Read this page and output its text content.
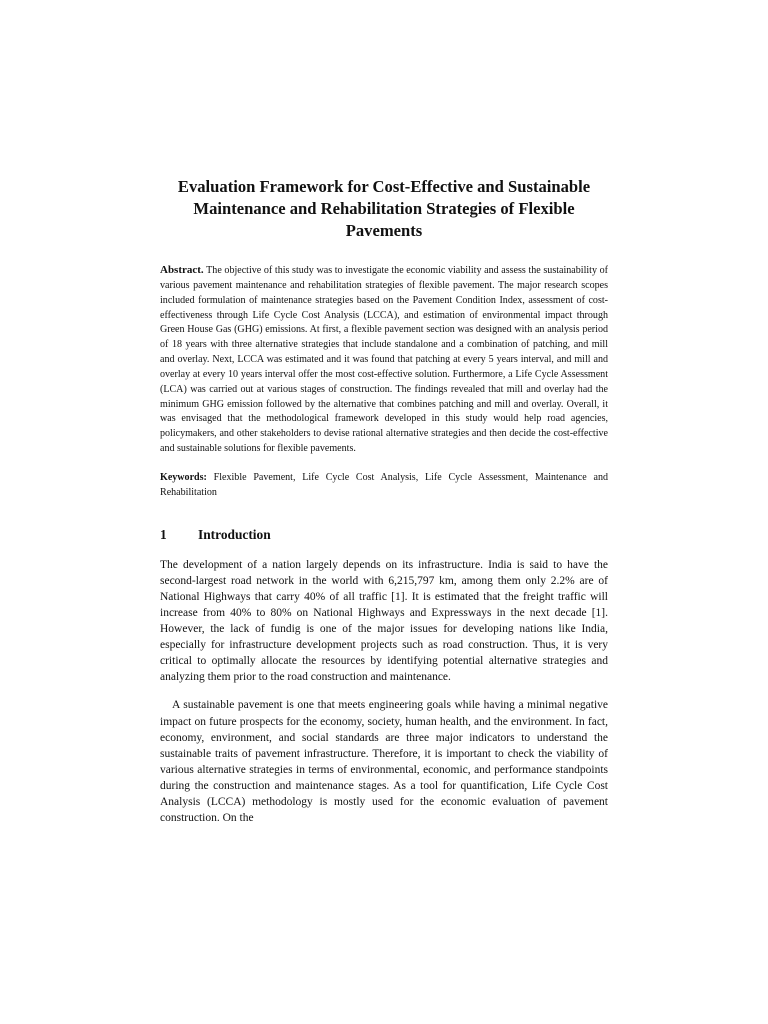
Evaluation Framework for Cost-Effective and Sustainable Maintenance and Rehabilitation Strategies of Flexible Pavements

Abstract. The objective of this study was to investigate the economic viability and assess the sustainability of various pavement maintenance and rehabilitation strategies of flexible pavement. The major research scopes included formulation of maintenance strategies based on the Pavement Condition Index, assessment of cost-effectiveness through Life Cycle Cost Analysis (LCCA), and estimation of environmental impact through Green House Gas (GHG) emissions. At first, a flexible pavement section was designed with an analysis period of 18 years with three alternative strategies that include standalone and a combination of patching, and mill and overlay. Next, LCCA was estimated and it was found that patching at every 5 years interval, and mill and overlay at every 10 years interval offer the most cost-effective solution. Furthermore, a Life Cycle Assessment (LCA) was carried out at various stages of construction. The findings revealed that mill and overlay had the minimum GHG emission followed by the alternative that combines patching and mill and overlay. Overall, it was envisaged that the methodological framework developed in this study would help road agencies, policymakers, and other stakeholders to devise rational alternative strategies and then decide the cost-effective and sustainable solutions for flexible pavements.

Keywords: Flexible Pavement, Life Cycle Cost Analysis, Life Cycle Assessment, Maintenance and Rehabilitation

1	Introduction

The development of a nation largely depends on its infrastructure. India is said to have the second-largest road network in the world with 6,215,797 km, among them only 2.2% are of National Highways that carry 40% of all traffic [1]. It is estimated that the freight traffic will increase from 40% to 80% on National Highways and Expressways in the next decade [1]. However, the lack of fundig is one of the major issues for developing nations like India, especially for infrastructure development projects such as road construction. Thus, it is very critical to optimally allocate the resources by identifying potential alternative strategies and analyzing them prior to the road construction and maintenance.

A sustainable pavement is one that meets engineering goals while having a minimal negative impact on future prospects for the economy, society, human health, and the environment. In fact, economy, environment, and social standards are three major indicators to understand the sustainable traits of pavement infrastructure. Therefore, it is important to check the viability of various alternative strategies in terms of environmental, economic, and performance standpoints during the construction and maintenance stages. As a tool for quantification, Life Cycle Cost Analysis (LCCA) methodology is mostly used for the economic evaluation of pavement construction. On the
